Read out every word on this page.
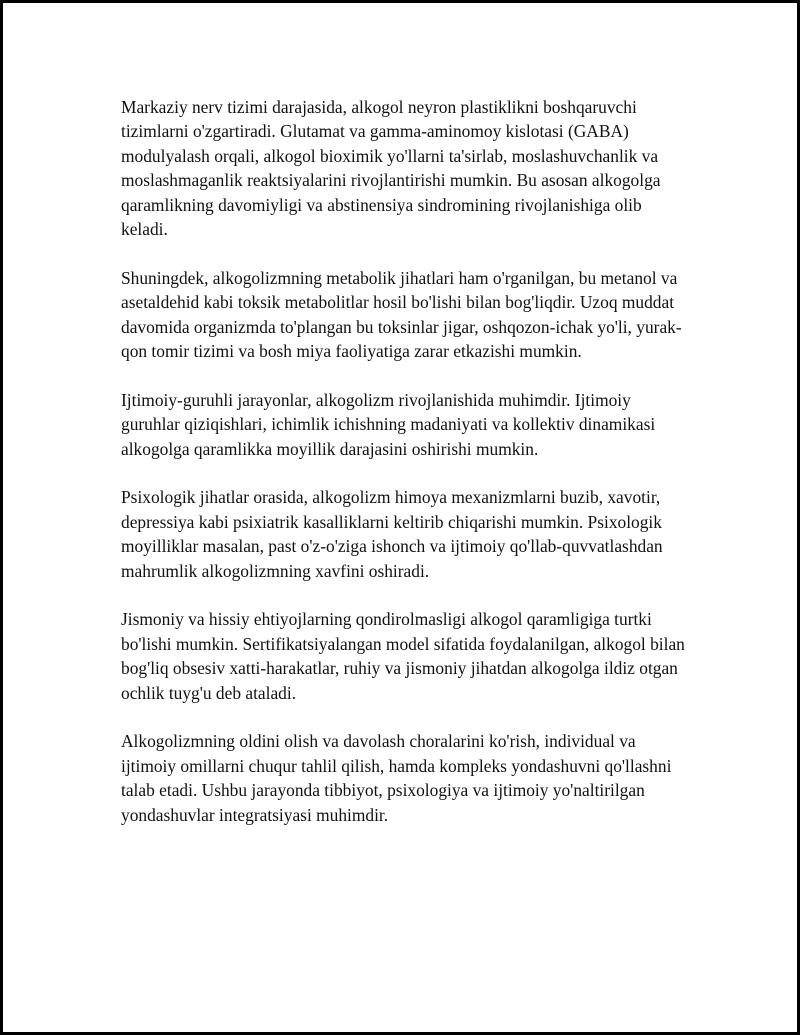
Markaziy nerv tizimi darajasida, alkogol neyron plastiklikni boshqaruvchi tizimlarni o'zgartiradi. Glutamat va gamma-aminomoy kislotasi (GABA) modulyalash orqali, alkogol bioximik yo'llarni ta'sirlab, moslashuvchanlik va moslashmaganlik reaktsiyalarini rivojlantirishi mumkin. Bu asosan alkogolga qaramlikning davomiyligi va abstinensiya sindromining rivojlanishiga olib keladi.

Shuningdek, alkogolizmning metabolik jihatlari ham o'rganilgan, bu metanol va asetaldehid kabi toksik metabolitlar hosil bo'lishi bilan bog'liqdir. Uzoq muddat davomida organizmda to'plangan bu toksinlar jigar, oshqozon-ichak yo'li, yurak-qon tomir tizimi va bosh miya faoliyatiga zarar etkazishi mumkin.

Ijtimoiy-guruhli jarayonlar, alkogolizm rivojlanishida muhimdir. Ijtimoiy guruhlar qiziqishlari, ichimlik ichishning madaniyati va kollektiv dinamikasi alkogolga qaramlikka moyillik darajasini oshirishi mumkin.

Psixologik jihatlar orasida, alkogolizm himoya mexanizmlarni buzib, xavotir, depressiya kabi psixiatrik kasalliklarni keltirib chiqarishi mumkin. Psixologik moyilliklar masalan, past o'z-o'ziga ishonch va ijtimoiy qo'llab-quvvatlashdan mahrumlik alkogolizmning xavfini oshiradi.

Jismoniy va hissiy ehtiyojlarning qondirolmasligi alkogol qaramligiga turtki bo'lishi mumkin. Sertifikatsiyalangan model sifatida foydalanilgan, alkogol bilan bog'liq obsesiv xatti-harakatlar, ruhiy va jismoniy jihatdan alkogolga ildiz otgan ochlik tuyg'u deb ataladi.

Alkogolizmning oldini olish va davolash choralarini ko'rish, individual va ijtimoiy omillarni chuqur tahlil qilish, hamda kompleks yondashuvni qo'llashni talab etadi. Ushbu jarayonda tibbiyot, psixologiya va ijtimoiy yo'naltirilgan yondashuvlar integratsiyasi muhimdir.
